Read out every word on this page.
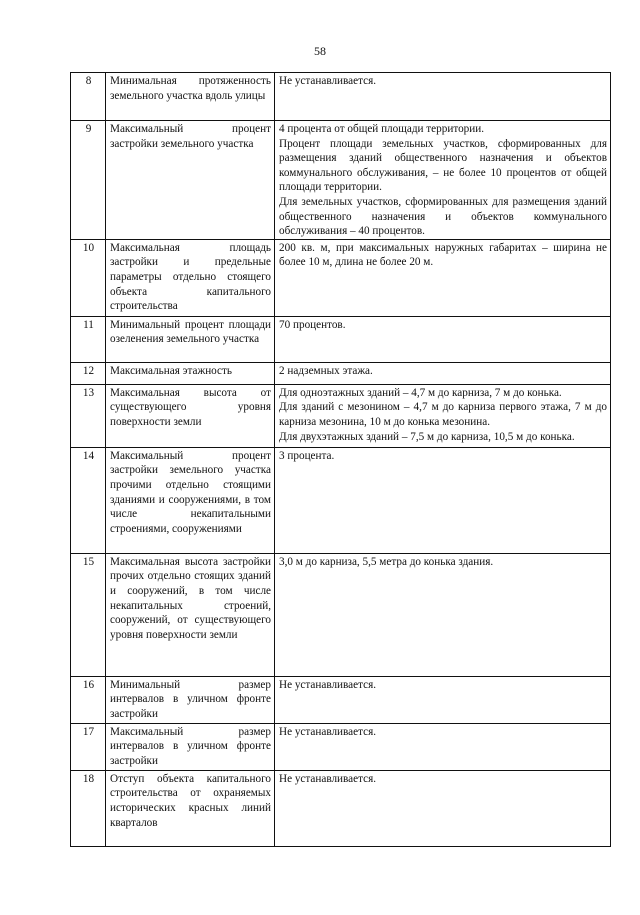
58
8	Минимальная протяженность земельного участка вдоль улицы	Не устанавливается.

9	Максимальный процент застройки земельного участка	4 процента от общей площади территории.
Процент площади земельных участков, сформированных для размещения зданий общественного назначения и объектов коммунального обслуживания, – не более 10 процентов от общей площади территории.
Для земельных участков, сформированных для размещения зданий общественного назначения и объектов коммунального обслуживания – 40 процентов.

10	Максимальная площадь застройки и предельные параметры отдельно стоящего объекта капитального строительства	200 кв. м, при максимальных наружных габаритах – ширина не более 10 м, длина не более 20 м.

11	Минимальный процент площади озеленения земельного участка	70 процентов.

12	Максимальная этажность	2 надземных этажа.

13	Максимальная высота от существующего уровня поверхности земли	Для одноэтажных зданий – 4,7 м до карниза, 7 м до конька.
Для зданий с мезонином – 4,7 м до карниза первого этажа, 7 м до карниза мезонина, 10 м до конька мезонина.
Для двухэтажных зданий – 7,5 м до карниза, 10,5 м до конька.

14	Максимальный процент застройки земельного участка прочими отдельно стоящими зданиями и сооружениями, в том числе некапитальными строениями, сооружениями	3 процента.

15	Максимальная высота застройки прочих отдельно стоящих зданий и сооружений, в том числе некапитальных строений, сооружений, от существующего уровня поверхности земли	3,0 м до карниза, 5,5 метра до конька здания.

16	Минимальный размер интервалов в уличном фронте застройки	Не устанавливается.

17	Максимальный размер интервалов в уличном фронте застройки	Не устанавливается.

18	Отступ объекта капитального строительства от охраняемых исторических красных линий кварталов	Не устанавливается.
